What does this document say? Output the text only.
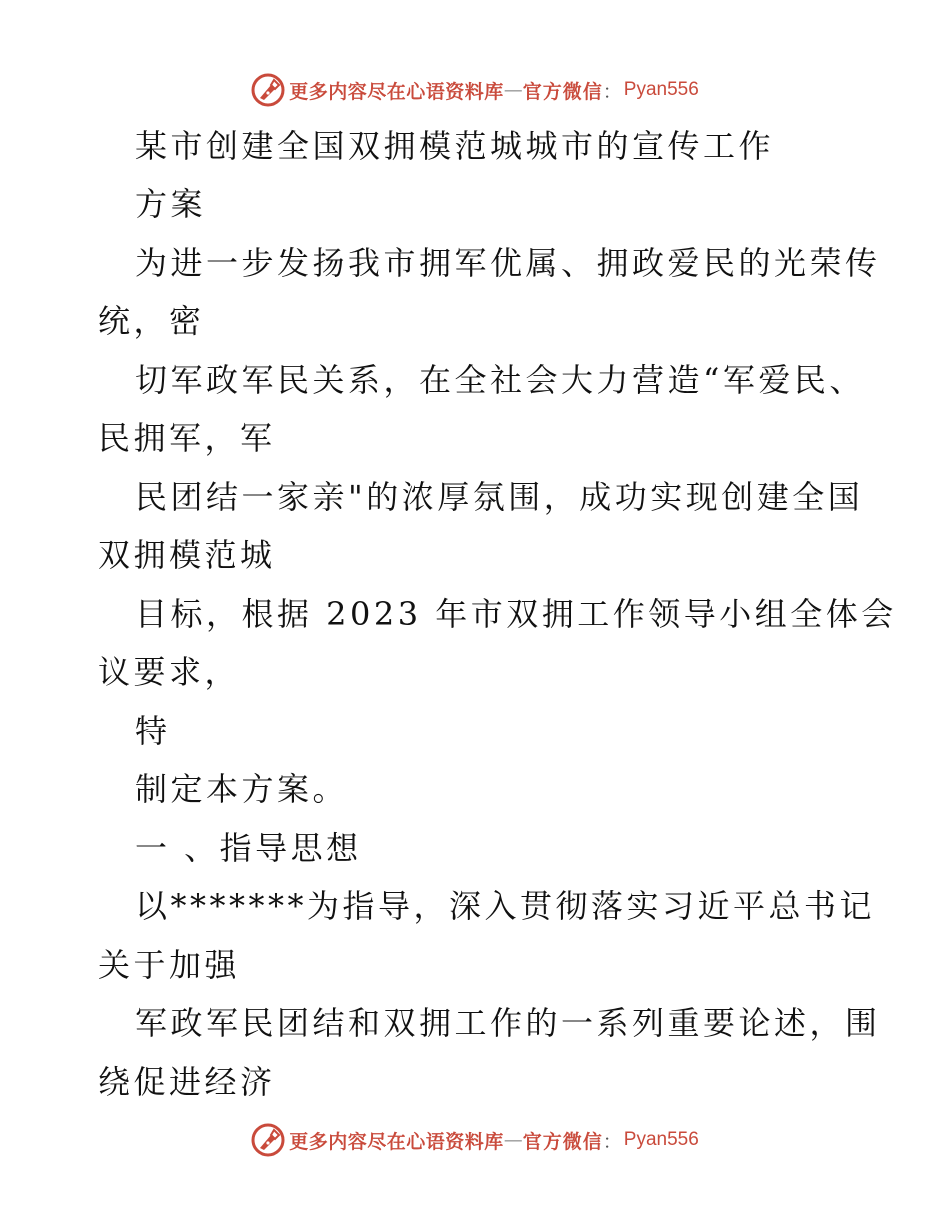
更多内容尽在心语资料库 — 官方微信 ： Pyan556
某市创建全国双拥模范城城市的宣传工作
方案
为进一步发扬我市拥军优属、拥政爱民的光荣传
统，密
切军政军民关系，在全社会大力营造“军爱民、
民拥军，军
民团结一家亲"的浓厚氛围，成功实现创建全国
双拥模范城
目标，根据 2023 年市双拥工作领导小组全体会
议要求，
特
制定本方案。
一 、指导思想
以*******为指导，深入贯彻落实习近平总书记
关于加强
军政军民团结和双拥工作的一系列重要论述，围
绕促进经济
更多内容尽在心语资料库 — 官方微信 ： Pyan556
